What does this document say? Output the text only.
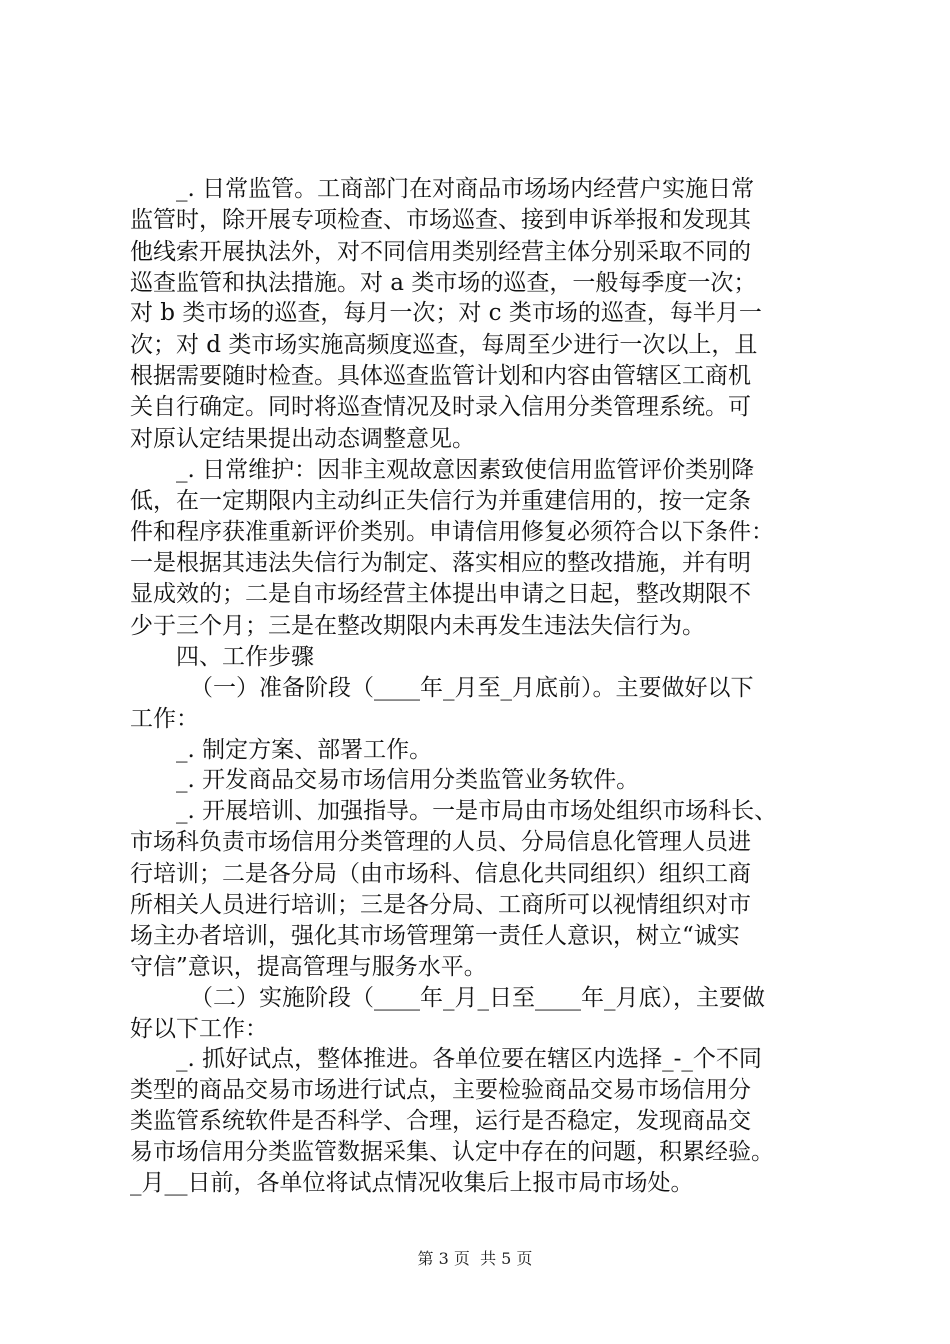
_. 日常监管。工商部门在对商品市场场内经营户实施日常
监管时，除开展专项检查、市场巡查、接到申诉举报和发现其
他线索开展执法外，对不同信用类别经营主体分别采取不同的
巡查监管和执法措施。对 a 类市场的巡查，一般每季度一次；
对 b 类市场的巡查，每月一次；对 c 类市场的巡查，每半月一
次；对 d 类市场实施高频度巡查，每周至少进行一次以上，且
根据需要随时检查。具体巡查监管计划和内容由管辖区工商机
关自行确定。同时将巡查情况及时录入信用分类管理系统。可
对原认定结果提出动态调整意见。
_. 日常维护：因非主观故意因素致使信用监管评价类别降
低，在一定期限内主动纠正失信行为并重建信用的，按一定条
件和程序获准重新评价类别。申请信用修复必须符合以下条件：
一是根据其违法失信行为制定、落实相应的整改措施，并有明
显成效的；二是自市场经营主体提出申请之日起，整改期限不
少于三个月；三是在整改期限内未再发生违法失信行为。
四、工作步骤
（一）准备阶段（____年_月至_月底前）。主要做好以下
工作：
_. 制定方案、部署工作。
_. 开发商品交易市场信用分类监管业务软件。
_. 开展培训、加强指导。一是市局由市场处组织市场科长、
市场科负责市场信用分类管理的人员、分局信息化管理人员进
行培训；二是各分局（由市场科、信息化共同组织）组织工商
所相关人员进行培训；三是各分局、工商所可以视情组织对市
场主办者培训，强化其市场管理第一责任人意识，树立“诚实
守信”意识，提高管理与服务水平。
（二）实施阶段（____年_月_日至____年_月底），主要做
好以下工作：
_. 抓好试点，整体推进。各单位要在辖区内选择_-_个不同
类型的商品交易市场进行试点，主要检验商品交易市场信用分
类监管系统软件是否科学、合理，运行是否稳定，发现商品交
易市场信用分类监管数据采集、认定中存在的问题，积累经验。
_月__日前，各单位将试点情况收集后上报市局市场处。
第 3 页  共 5 页
